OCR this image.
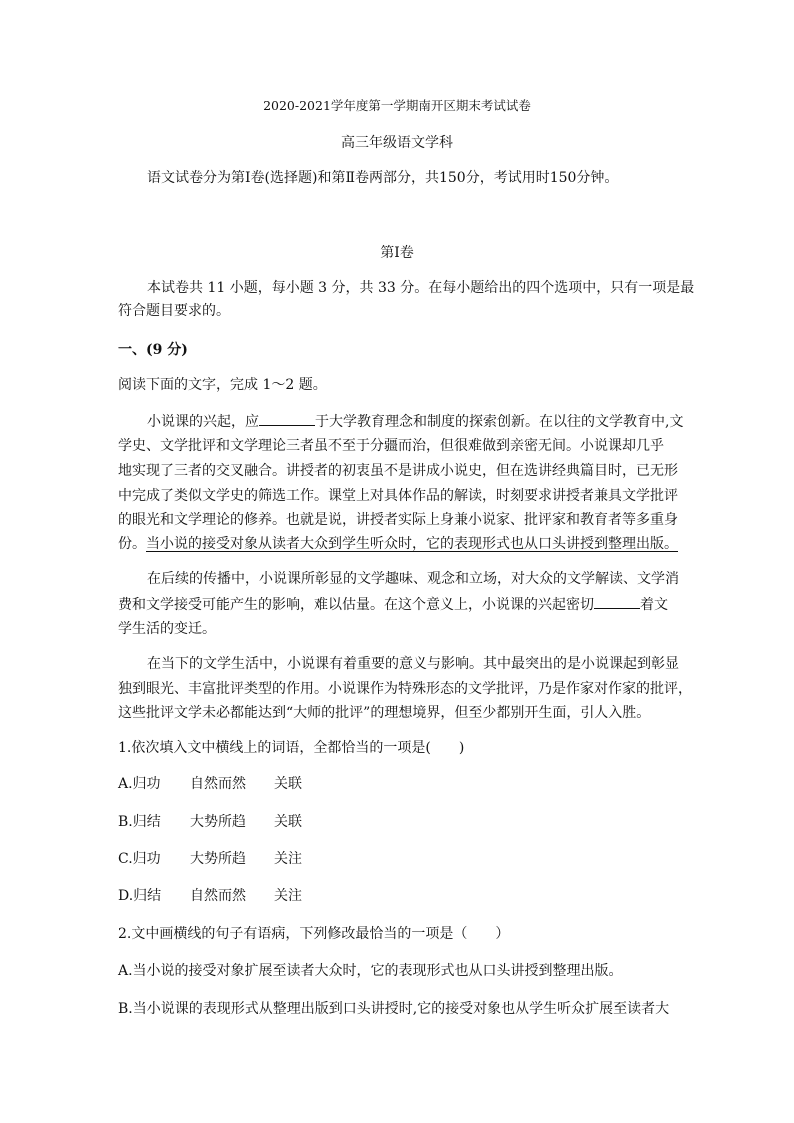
2020-2021学年度第一学期南开区期末考试试卷
高三年级语文学科
语文试卷分为第Ⅰ卷(选择题)和第Ⅱ卷两部分，共150分，考试用时150分钟。
第Ⅰ卷
本试卷共 11 小题，每小题 3 分，共 33 分。在每小题给出的四个选项中，只有一项是最
符合题目要求的。
一、(9 分)
阅读下面的文字，完成 1～2 题。
小说课的兴起，应	于大学教育理念和制度的探索创新。在以往的文学教育中,文
学史、文学批评和文学理论三者虽不至于分疆而治，但很难做到亲密无间。小说课却几乎
地实现了三者的交叉融合。讲授者的初衷虽不是讲成小说史，但在选讲经典篇目时，已无形
中完成了类似文学史的筛选工作。课堂上对具体作品的解读，时刻要求讲授者兼具文学批评
的眼光和文学理论的修养。也就是说，讲授者实际上身兼小说家、批评家和教育者等多重身
份。当小说的接受对象从读者大众到学生听众时，它的表现形式也从口头讲授到整理出版。
在后续的传播中，小说课所彰显的文学趣味、观念和立场，对大众的文学解读、文学消
费和文学接受可能产生的影响，难以估量。在这个意义上，小说课的兴起密切	着文
学生活的变迁。
在当下的文学生活中，小说课有着重要的意义与影响。其中最突出的是小说课起到彰显
独到眼光、丰富批评类型的作用。小说课作为特殊形态的文学批评，乃是作家对作家的批评，
这些批评文学未必都能达到“大师的批评”的理想境界，但至少都别开生面，引人入胜。
1.依次填入文中横线上的词语，全都恰当的一项是(　　)
A.归功 自然而然 关联
B.归结 大势所趋 关联
C.归功 大势所趋 关注
D.归结 自然而然 关注
2.文中画横线的句子有语病，下列修改最恰当的一项是（　　）
A.当小说的接受对象扩展至读者大众时，它的表现形式也从口头讲授到整理出版。
B.当小说课的表现形式从整理出版到口头讲授时,它的接受对象也从学生听众扩展至读者大
